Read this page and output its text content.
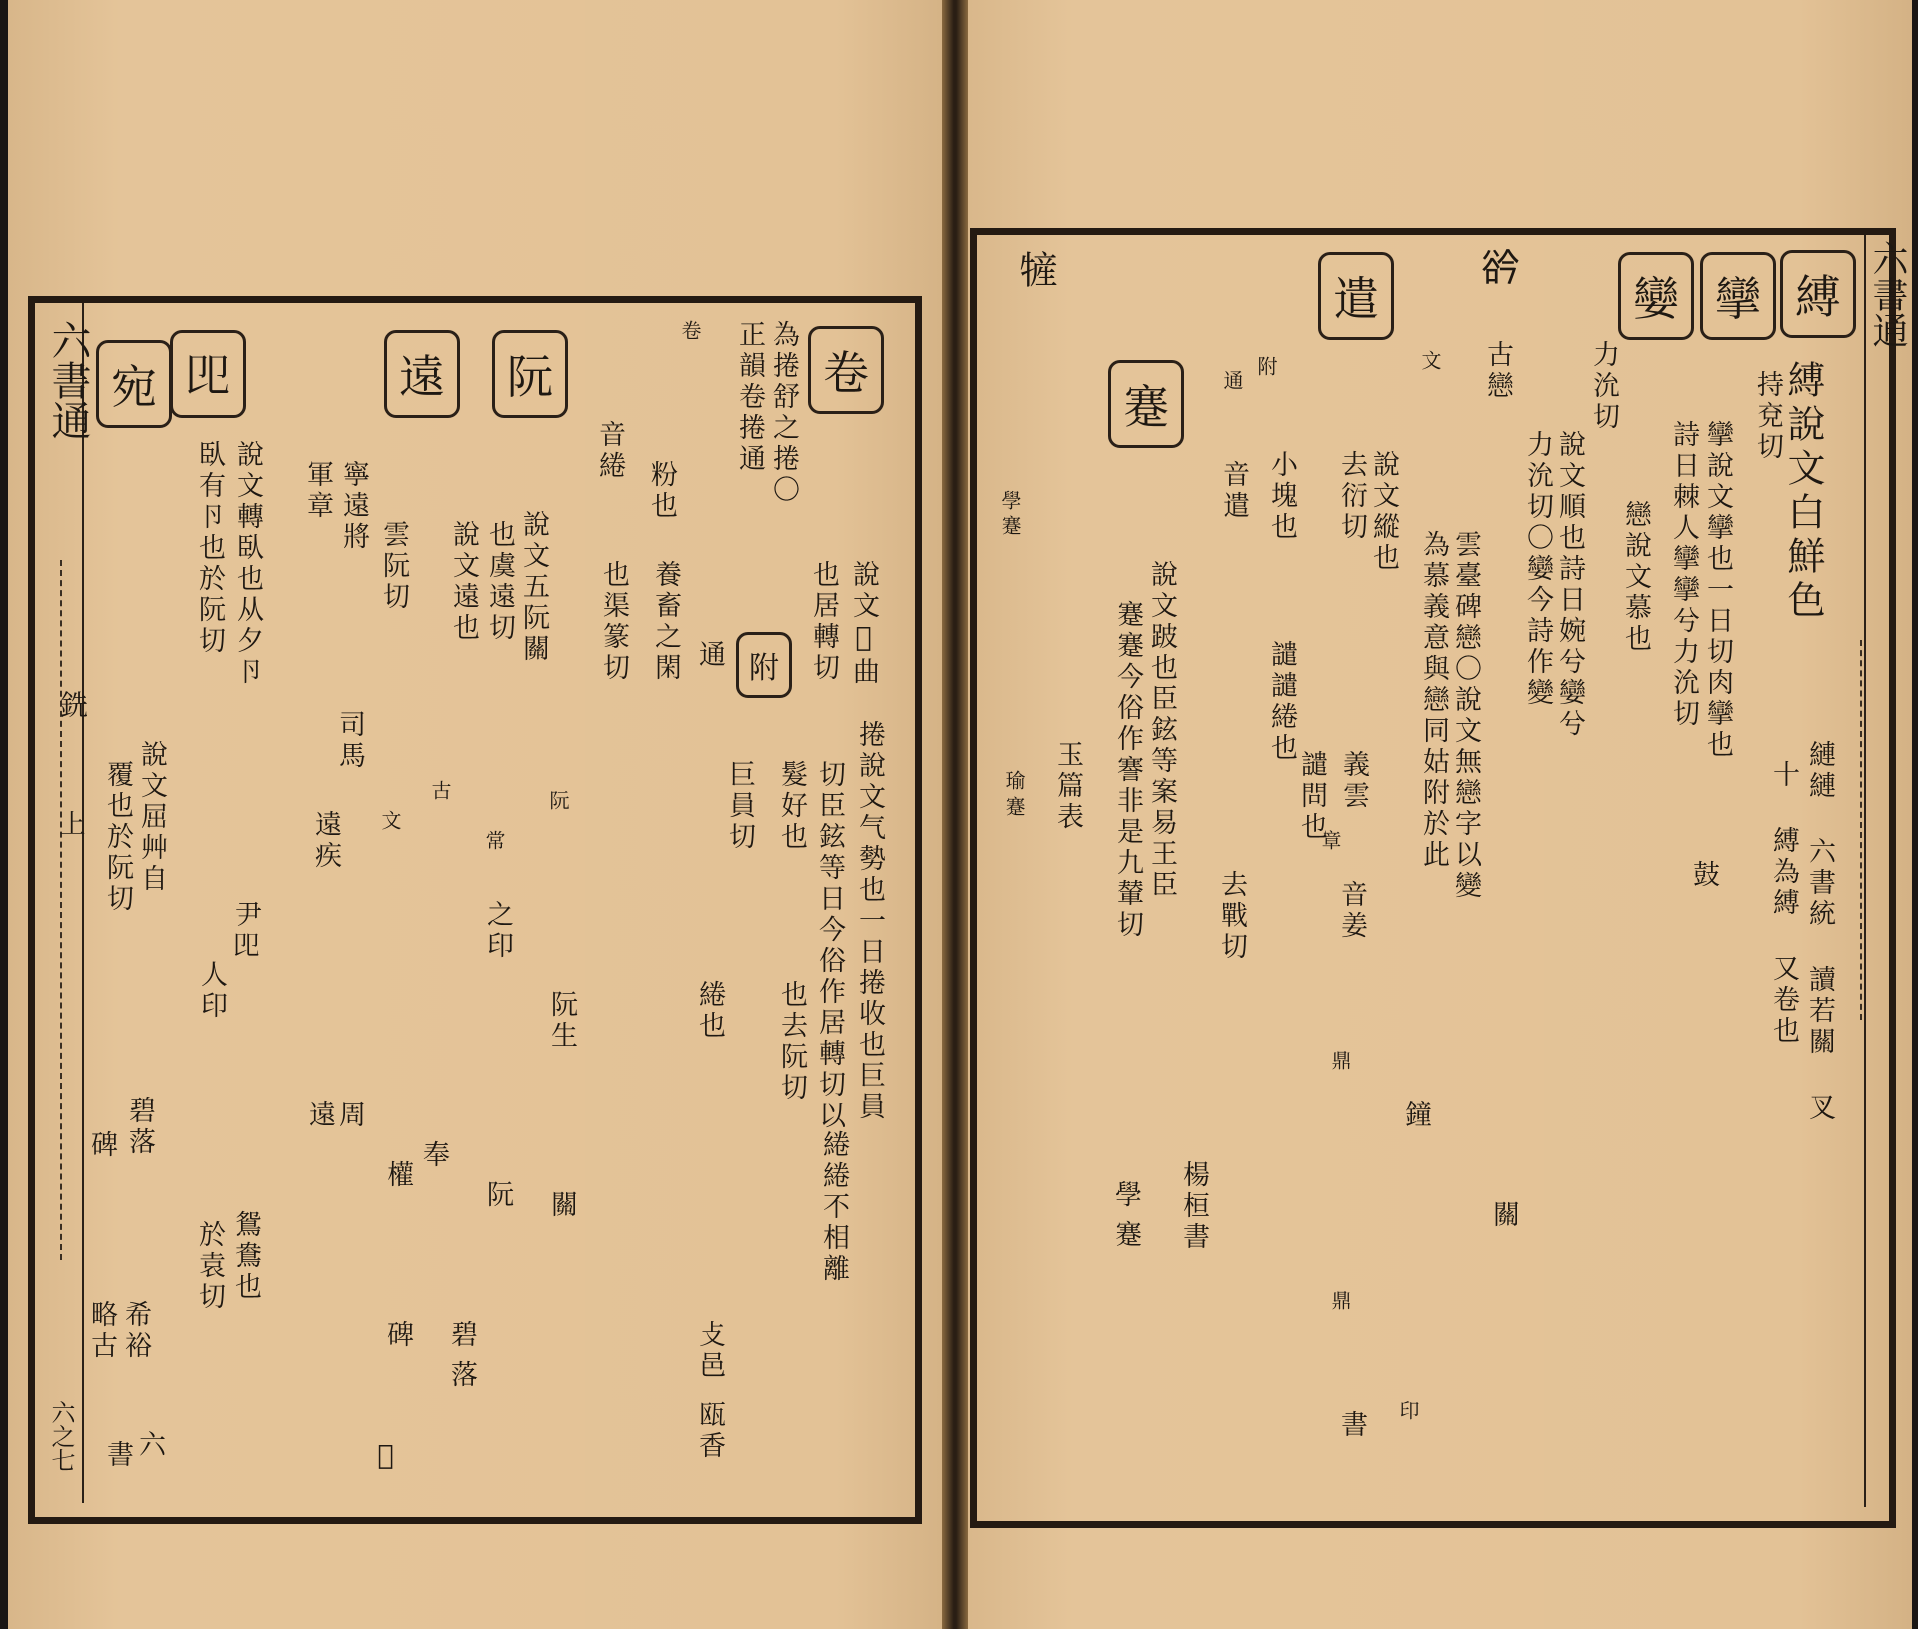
六書通
六書通
銑
上
六之七
縛
縛說文白鮮色
持兗切
縺縺 六書統 讀若關 叉
十 縛為縛 又卷也
攣
攣說文攣也一日切肉攣也
詩日棘人攣攣兮力沇切
鼓
孌
戀說文慕也
力沇切
說文順也詩日婉兮孌兮
力沇切〇孌今詩作變
𧮰
古戀
文
雲臺碑戀〇說文無戀字以變
為慕義意與戀同姑附於此
關
遣
說文縱也
去衍切
義雲
章
音姜
鼎
鐘
鼎
印
書
附
通
小塊也
音遣
譴譴綣也
去戰切
譴問也
蹇
說文跛也臣鉉等案易王臣
蹇蹇今俗作謇非是九輦切
楊桓書
學
蹇
㹌
學
蹇
玉篇表
瑜
蹇
卷
說文𠠨曲
也居轉切
捲說文气勢也一日捲收也巨員
切臣鉉等日今俗作居轉切以
為捲舒之捲〇
正韻卷捲通
卷
音綣
粉也
也渠篆切 養畜之閑	附
通
巨員切 髮好也
也去阮切
綣也
綣綣不相離
攴邑
瓯香
阮
說文五阮關
也虞遠切
阮
常
之印
阮
阮生
關
遠
說文遠也
雲阮切
古
文
寧遠將
軍章
司馬
遠疾
周
遠
奉
權
碑 碧
落
𥛌
𠨎
說文轉臥也从夕卪
臥有卪也於阮切
尹𠨎
人印
鴛鴦也
於袁切
宛
說文屈艸自
覆也於阮切
碧落
碑
希裕
略古
六
書
